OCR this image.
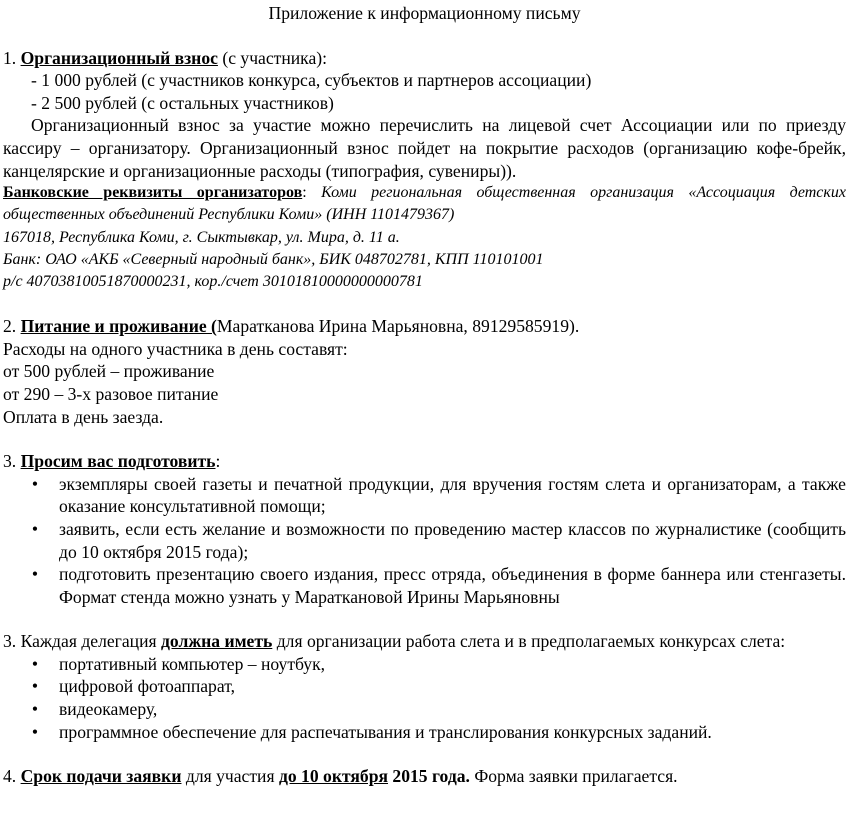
Приложение к информационному письму

1. Организационный взнос (с участника):

- 1 000 рублей (с участников конкурса, субъектов и партнеров ассоциации)

- 2 500 рублей (с остальных участников)

Организационный взнос за участие можно перечислить на лицевой счет Ассоциации или по приезду кассиру – организатору. Организационный взнос пойдет на покрытие расходов (организацию кофе-брейк, канцелярские и организационные расходы (типография, сувениры)).

Банковские реквизиты организаторов: Коми региональная общественная организация «Ассоциация детских общественных объединений Республики Коми» (ИНН 1101479367)

167018, Республика Коми, г. Сыктывкар, ул. Мира, д. 11 а.

Банк: ОАО «АКБ «Северный народный банк», БИК 048702781, КПП 110101001

р/с 40703810051870000231, кор./счет 30101810000000000781

2. Питание и проживание (Маратканова Ирина Марьяновна, 89129585919).

Расходы на одного участника в день составят:

от 500 рублей – проживание

от 290 – 3-х разовое питание

Оплата в день заезда.

3. Просим вас подготовить:

• экземпляры своей газеты и печатной продукции, для вручения гостям слета и организаторам, а также оказание консультативной помощи;
• заявить, если есть желание и возможности по проведению мастер классов по журналистике (сообщить до 10 октября 2015 года);
• подготовить презентацию своего издания, пресс отряда, объединения в форме баннера или стенгазеты. Формат стенда можно узнать у Мараткановой Ирины Марьяновны

3. Каждая делегация должна иметь для организации работа слета и в предполагаемых конкурсах слета:

• портативный компьютер – ноутбук,
• цифровой фотоаппарат,
• видеокамеру,
• программное обеспечение для распечатывания и транслирования конкурсных заданий.

4. Срок подачи заявки для участия до 10 октября 2015 года. Форма заявки прилагается.
